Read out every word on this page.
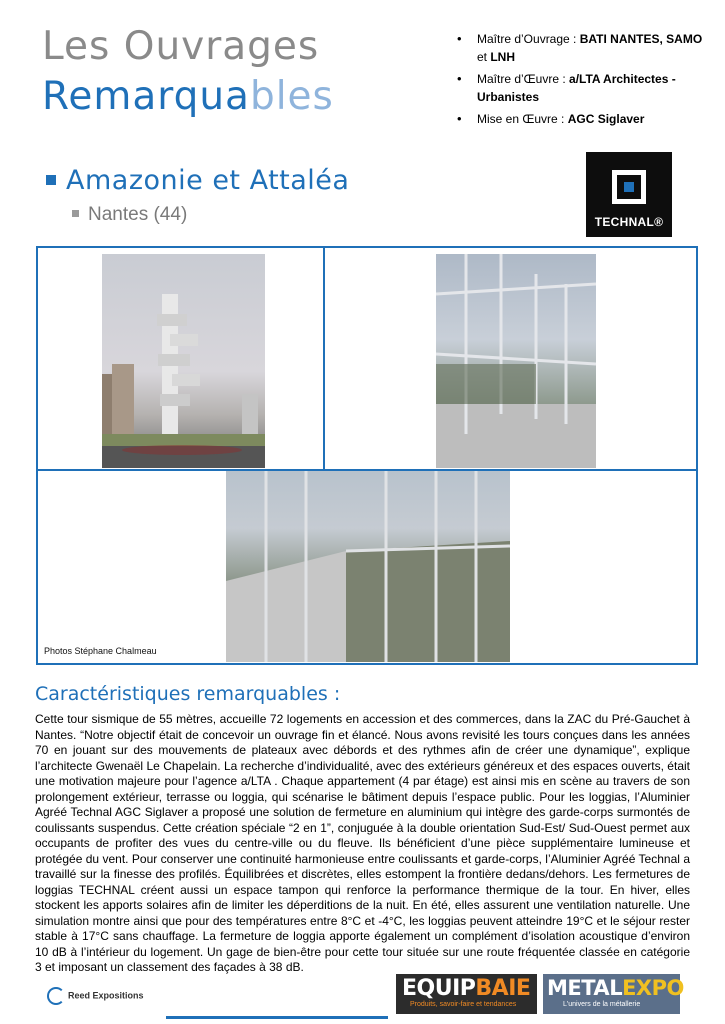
Les Ouvrages
Remarquables
• Maître d’Ouvrage : BATI NANTES, SAMO et LNH
• Maître d’Œuvre : a/LTA Architectes - Urbanistes
• Mise en Œuvre : AGC Siglaver
Amazonie et Attaléa
Nantes (44)	TECHNAL®
Photos Stéphane Chalmeau
Caractéristiques remarquables :
Cette tour sismique de 55 mètres, accueille 72 logements en accession et des commerces, dans la ZAC du Pré-Gauchet à Nantes. “Notre objectif était de concevoir un ouvrage fin et élancé. Nous avons revisité les tours conçues dans les années 70 en jouant sur des mouvements de plateaux avec débords et des rythmes afin de créer une dynamique”, explique l’architecte Gwenaël Le Chapelain. La recherche d’individualité, avec des extérieurs généreux et des espaces ouverts, était une motivation majeure pour l’agence a/LTA . Chaque appartement (4 par étage) est ainsi mis en scène au travers de son prolongement extérieur, terrasse ou loggia, qui scénarise le bâtiment depuis l’espace public. Pour les loggias, l’Aluminier Agréé Technal AGC Siglaver a proposé une solution de fermeture en aluminium qui intègre des garde-corps surmontés de coulissants suspendus. Cette création spéciale “2 en 1”, conjuguée à la double orientation Sud-Est/ Sud-Ouest permet aux occupants de profiter des vues du centre-ville ou du fleuve. Ils bénéficient d’une pièce supplémentaire lumineuse et protégée du vent. Pour conserver une continuité harmonieuse entre coulissants et garde-corps, l’Aluminier Agréé Technal a travaillé sur la finesse des profilés. Équilibrées et discrètes, elles estompent la frontière dedans/dehors. Les fermetures de loggias TECHNAL créent aussi un espace tampon qui renforce la performance thermique de la tour. En hiver, elles stockent les apports solaires afin de limiter les déperditions de la nuit. En été, elles assurent une ventilation naturelle. Une simulation montre ainsi que pour des températures entre 8°C et -4°C, les loggias peuvent atteindre 19°C et le séjour rester stable à 17°C sans chauffage. La fermeture de loggia apporte également un complément d’isolation acoustique d’environ 10 dB à l’intérieur du logement. Un gage de bien-être pour cette tour située sur une route fréquentée classée en catégorie 3 et imposant un classement des façades à 38 dB.
Reed Expositions	EQUIPBAIE
Produits, savoir-faire et tendances
METALEXPO
L'univers de la métallerie
